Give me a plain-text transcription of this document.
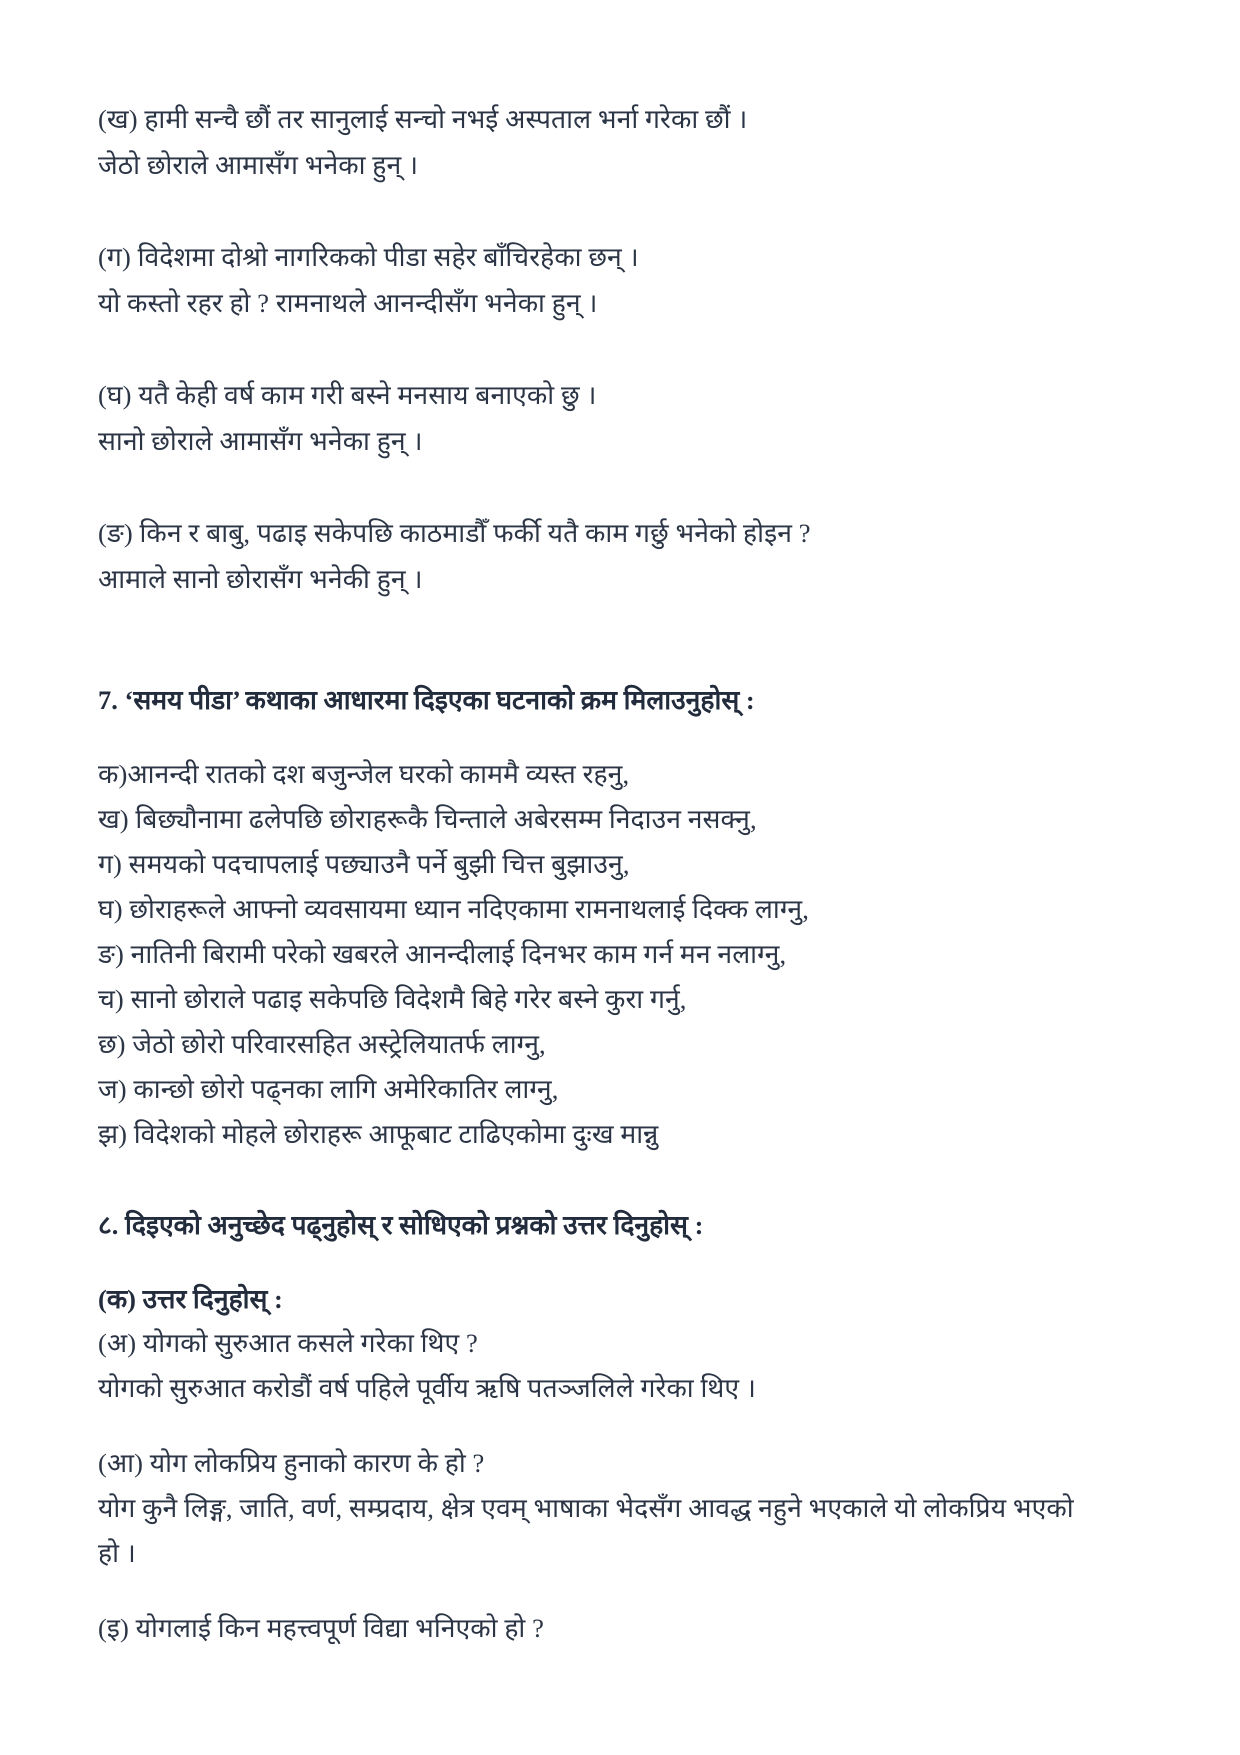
(ख) हामी सन्चै छौं तर सानुलाई सन्चो नभई अस्पताल भर्ना गरेका छौं ।
जेठो छोराले आमासँग भनेका हुन् ।
(ग) विदेशमा दोश्रो नागरिकको पीडा सहेर बाँचिरहेका छन् ।
यो कस्तो रहर हो ? रामनाथले आनन्दीसँग भनेका हुन् ।
(घ) यतै केही वर्ष काम गरी बस्ने मनसाय बनाएको छु ।
सानो छोराले आमासँग भनेका हुन् ।
(ङ) किन र बाबु, पढाइ सकेपछि काठमाडौँ फर्की यतै काम गर्छु भनेको होइन ?
आमाले सानो छोरासँग भनेकी हुन् ।
7. ‘समय पीडा’ कथाका आधारमा दिइएका घटनाको क्रम मिलाउनुहोस् :
क)आनन्दी रातको दश बजुन्जेल घरको काममै व्यस्त रहनु,
ख) बिछ्यौनामा ढलेपछि छोराहरूकै चिन्ताले अबेरसम्म निदाउन नसक्नु,
ग) समयको पदचापलाई पछ्याउनै पर्ने बुझी चित्त बुझाउनु,
घ) छोराहरूले आफ्नो व्यवसायमा ध्यान नदिएकामा रामनाथलाई दिक्क लाग्नु,
ङ) नातिनी बिरामी परेको खबरले आनन्दीलाई दिनभर काम गर्न मन नलाग्नु,
च) सानो छोराले पढाइ सकेपछि विदेशमै बिहे गरेर बस्ने कुरा गर्नु,
छ) जेठो छोरो परिवारसहित अस्ट्रेलियातर्फ लाग्नु,
ज) कान्छो छोरो पढ्नका लागि अमेरिकातिर लाग्नु,
झ) विदेशको मोहले छोराहरू आफूबाट टाढिएकोमा दुःख मान्नु
८. दिइएको अनुच्छेद पढ्नुहोस् र सोधिएको प्रश्नको उत्तर दिनुहोस् :
(क) उत्तर दिनुहोस् :
(अ) योगको सुरुआत कसले गरेका थिए ?
योगको सुरुआत करोडौं वर्ष पहिले पूर्वीय ऋषि पतञ्जलिले गरेका थिए ।
(आ) योग लोकप्रिय हुनाको कारण के हो ?
योग कुनै लिङ्ग, जाति, वर्ण, सम्प्रदाय, क्षेत्र एवम् भाषाका भेदसँग आवद्ध नहुने भएकाले यो लोकप्रिय भएको
हो ।
(इ) योगलाई किन महत्त्वपूर्ण विद्या भनिएको हो ?
